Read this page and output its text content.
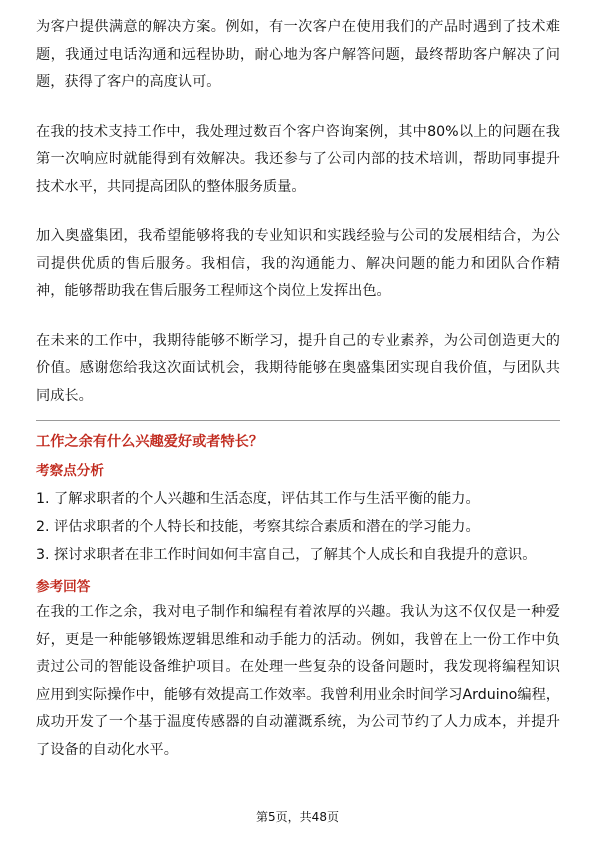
为客户提供满意的解决方案。例如，有一次客户在使用我们的产品时遇到了技术难题，我通过电话沟通和远程协助，耐心地为客户解答问题，最终帮助客户解决了问题，获得了客户的高度认可。

在我的技术支持工作中，我处理过数百个客户咨询案例，其中80%以上的问题在我第一次响应时就能得到有效解决。我还参与了公司内部的技术培训，帮助同事提升技术水平，共同提高团队的整体服务质量。

加入奥盛集团，我希望能够将我的专业知识和实践经验与公司的发展相结合，为公司提供优质的售后服务。我相信，我的沟通能力、解决问题的能力和团队合作精神，能够帮助我在售后服务工程师这个岗位上发挥出色。

在未来的工作中，我期待能够不断学习，提升自己的专业素养，为公司创造更大的价值。感谢您给我这次面试机会，我期待能够在奥盛集团实现自我价值，与团队共同成长。

工作之余有什么兴趣爱好或者特长？

考察点分析

1. 了解求职者的个人兴趣和生活态度，评估其工作与生活平衡的能力。
2. 评估求职者的个人特长和技能，考察其综合素质和潜在的学习能力。
3. 探讨求职者在非工作时间如何丰富自己，了解其个人成长和自我提升的意识。

参考回答

在我的工作之余，我对电子制作和编程有着浓厚的兴趣。我认为这不仅仅是一种爱好，更是一种能够锻炼逻辑思维和动手能力的活动。例如，我曾在上一份工作中负责过公司的智能设备维护项目。在处理一些复杂的设备问题时，我发现将编程知识应用到实际操作中，能够有效提高工作效率。我曾利用业余时间学习Arduino编程，成功开发了一个基于温度传感器的自动灌溉系统，为公司节约了人力成本，并提升了设备的自动化水平。

第5页，共48页
